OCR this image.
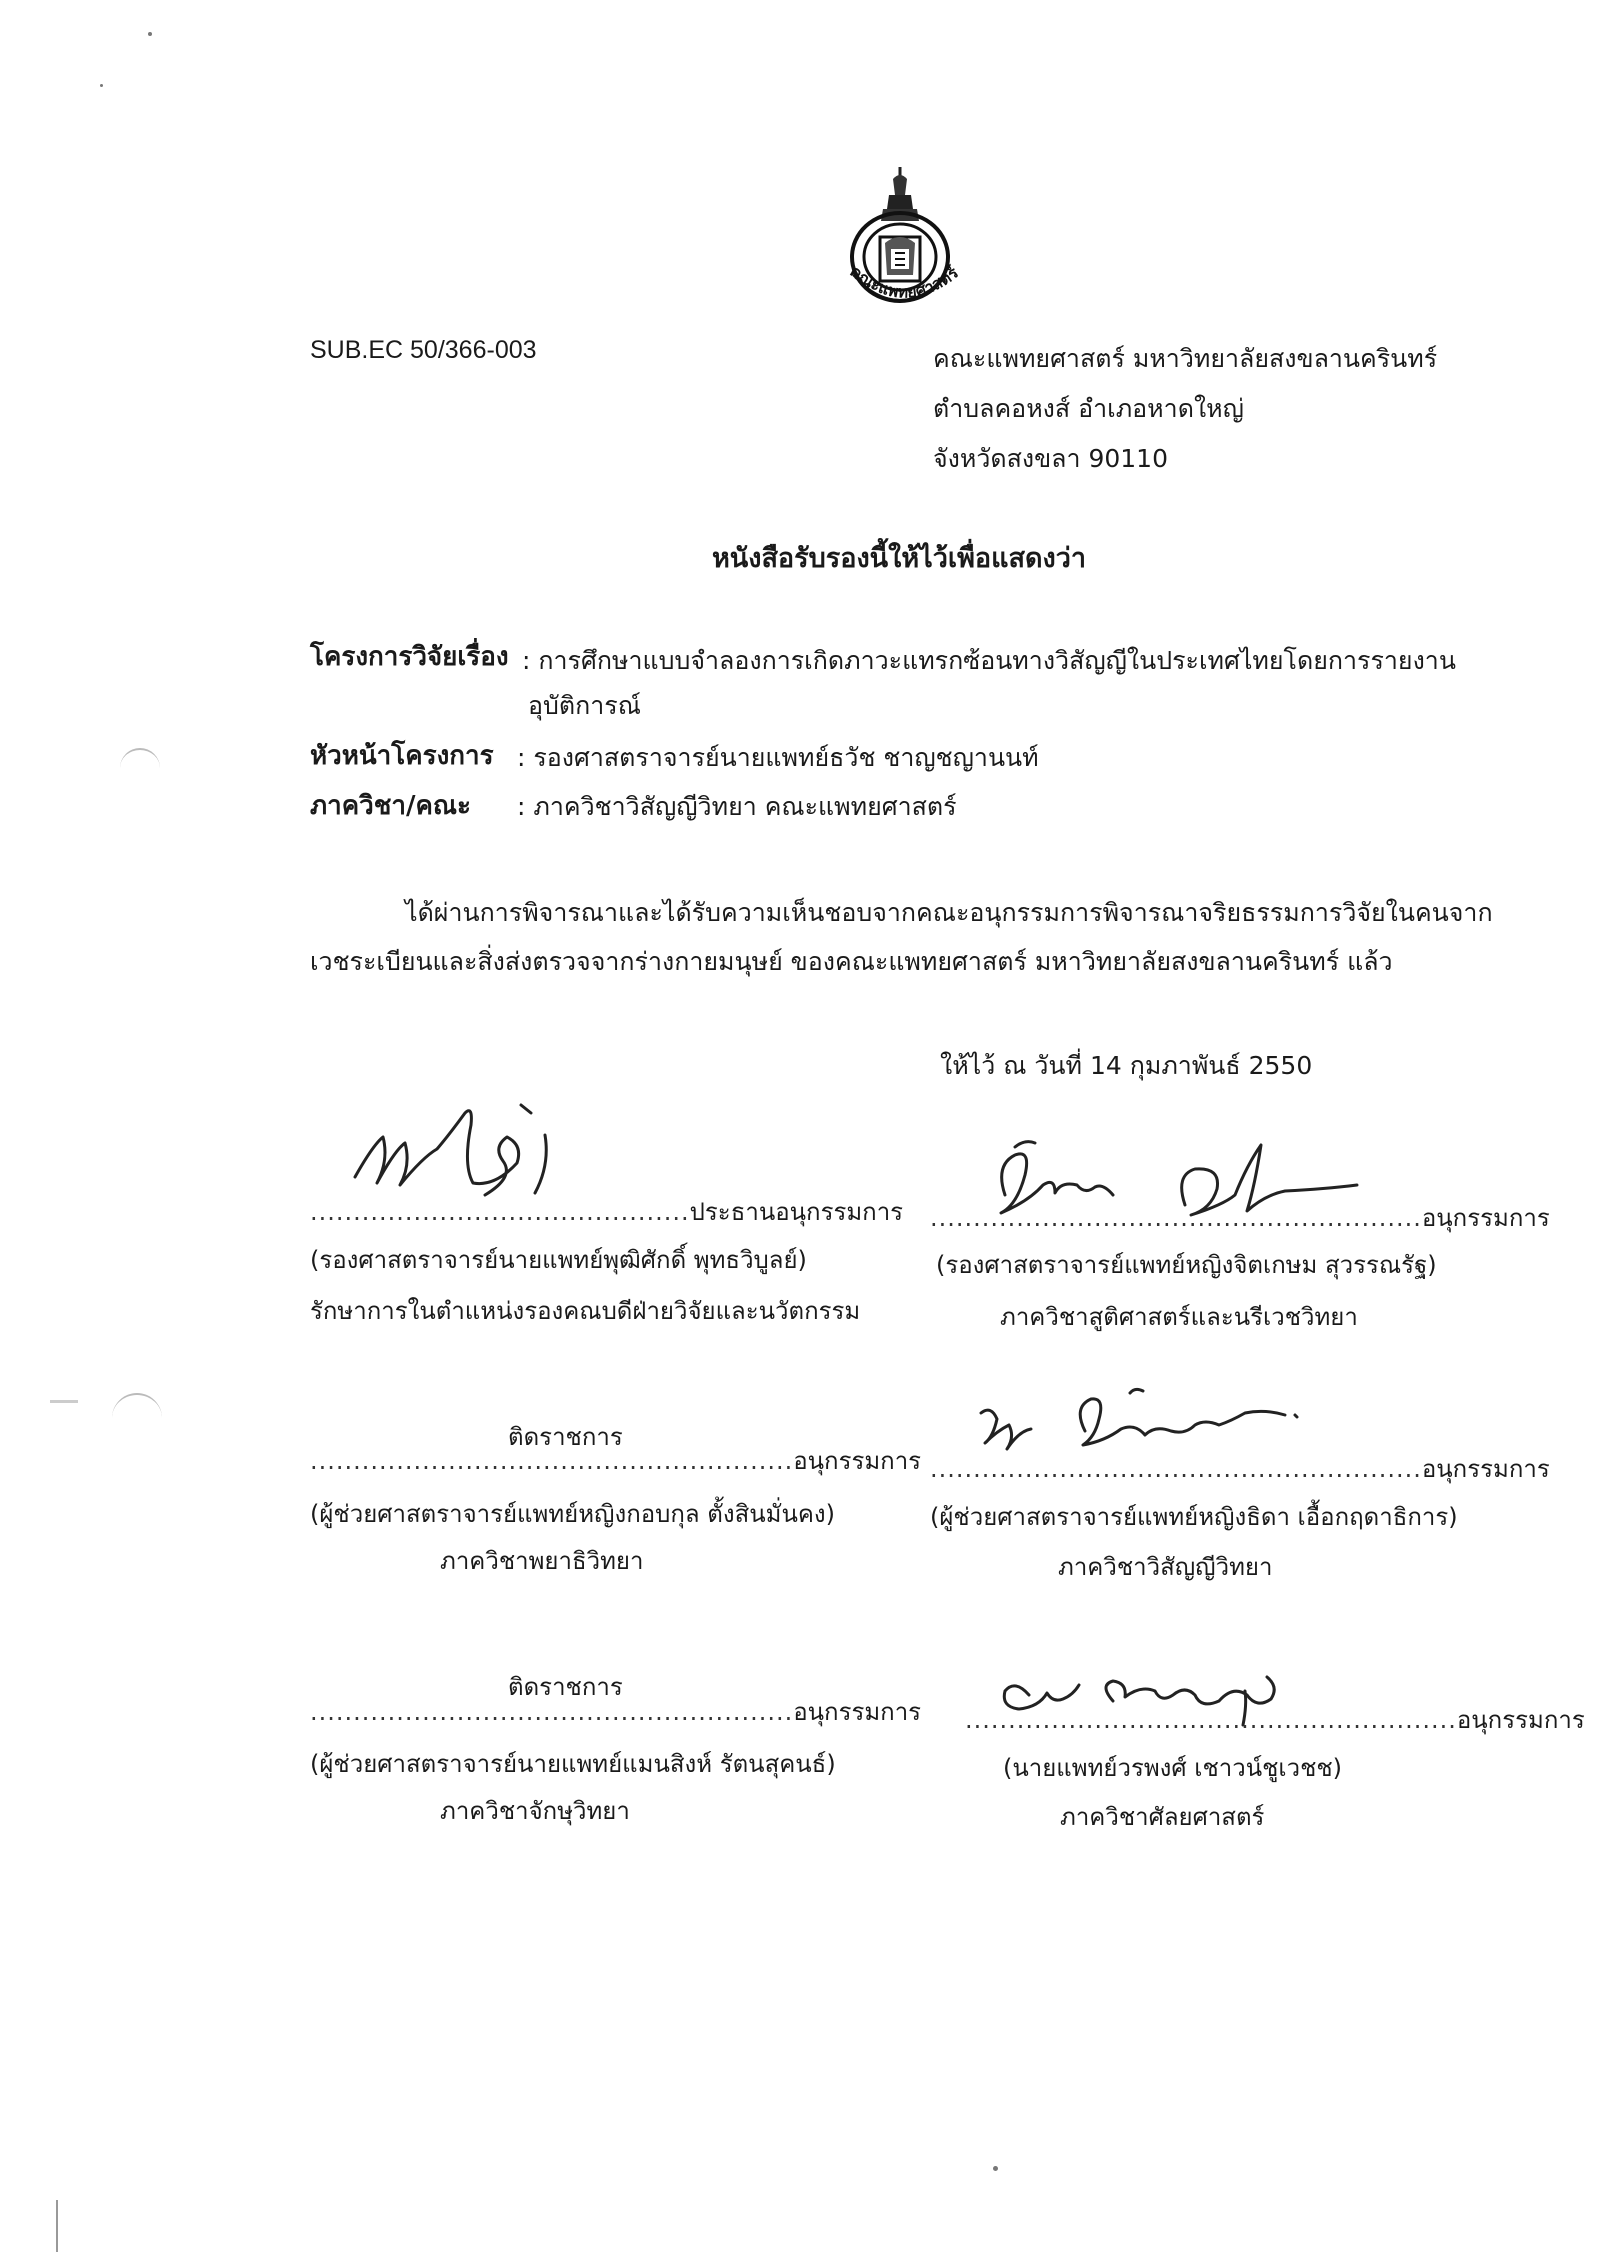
คณะแพทยศาสตร์
SUB.EC 50/366-003	คณะแพทยศาสตร์ มหาวิทยาลัยสงขลานครินทร์
ตำบลคอหงส์ อำเภอหาดใหญ่
จังหวัดสงขลา 90110
หนังสือรับรองนี้ให้ไว้เพื่อแสดงว่า
โครงการวิจัยเรื่อง : การศึกษาแบบจำลองการเกิดภาวะแทรกซ้อนทางวิสัญญีในประเทศไทยโดยการรายงาน
อุบัติการณ์
หัวหน้าโครงการ : รองศาสตราจารย์นายแพทย์ธวัช ชาญชญานนท์
ภาควิชา/คณะ : ภาควิชาวิสัญญีวิทยา คณะแพทยศาสตร์
ได้ผ่านการพิจารณาและได้รับความเห็นชอบจากคณะอนุกรรมการพิจารณาจริยธรรมการวิจัยในคนจาก
เวชระเบียนและสิ่งส่งตรวจจากร่างกายมนุษย์ ของคณะแพทยศาสตร์ มหาวิทยาลัยสงขลานครินทร์ แล้ว
ให้ไว้ ณ วันที่ 14 กุมภาพันธ์ 2550
............................................ประธานอนุกรรมการ
(รองศาสตราจารย์นายแพทย์พุฒิศักดิ์ พุทธวิบูลย์)
รักษาการในตำแหน่งรองคณบดีฝ่ายวิจัยและนวัตกรรม
.........................................................อนุกรรมการ
(รองศาสตราจารย์แพทย์หญิงจิตเกษม สุวรรณรัฐ)
ภาควิชาสูติศาสตร์และนรีเวชวิทยา
ติดราชการ
........................................................อนุกรรมการ
(ผู้ช่วยศาสตราจารย์แพทย์หญิงกอบกุล ตั้งสินมั่นคง)
ภาควิชาพยาธิวิทยา
.........................................................อนุกรรมการ
(ผู้ช่วยศาสตราจารย์แพทย์หญิงธิดา เอื้อกฤดาธิการ)
ภาควิชาวิสัญญีวิทยา
ติดราชการ
........................................................อนุกรรมการ
(ผู้ช่วยศาสตราจารย์นายแพทย์แมนสิงห์ รัตนสุคนธ์)
ภาควิชาจักษุวิทยา
.........................................................อนุกรรมการ
(นายแพทย์วรพงศ์ เชาวน์ชูเวชช)
ภาควิชาศัลยศาสตร์
